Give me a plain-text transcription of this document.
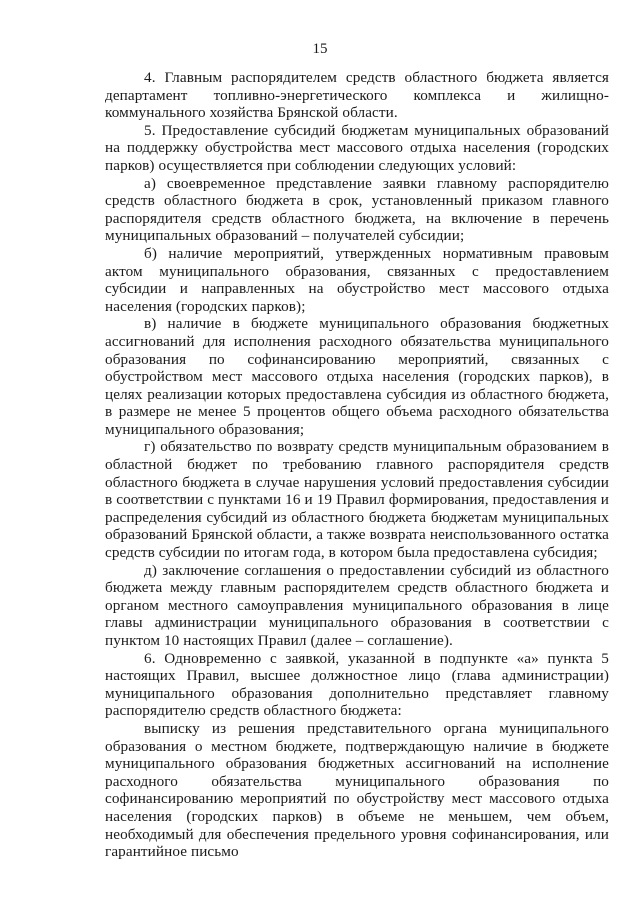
15

4. Главным распорядителем средств областного бюджета является департамент топливно-энергетического комплекса и жилищно-коммунального хозяйства Брянской области.

5. Предоставление субсидий бюджетам муниципальных образований на поддержку обустройства мест массового отдыха населения (городских парков) осуществляется при соблюдении следующих условий:

а) своевременное представление заявки главному распорядителю средств областного бюджета в срок, установленный приказом главного распорядителя средств областного бюджета, на включение в перечень муниципальных образований – получателей субсидии;

б) наличие мероприятий, утвержденных нормативным правовым актом муниципального образования, связанных с предоставлением субсидии и направленных на обустройство мест массового отдыха населения (городских парков);

в) наличие в бюджете муниципального образования бюджетных ассигнований для исполнения расходного обязательства муниципального образования по софинансированию мероприятий, связанных с обустройством мест массового отдыха населения (городских парков), в целях реализации которых предоставлена субсидия из областного бюджета, в размере не менее 5 процентов общего объема расходного обязательства муниципального образования;

г) обязательство по возврату средств муниципальным образованием в областной бюджет по требованию главного распорядителя средств областного бюджета в случае нарушения условий предоставления субсидии в соответствии с пунктами 16 и 19 Правил формирования, предоставления и распределения субсидий из областного бюджета бюджетам муниципальных образований Брянской области, а также возврата неиспользованного остатка средств субсидии по итогам года, в котором была предоставлена субсидия;

д) заключение соглашения о предоставлении субсидий из областного бюджета между главным распорядителем средств областного бюджета и органом местного самоуправления муниципального образования в лице главы администрации муниципального образования в соответствии с пунктом 10 настоящих Правил (далее – соглашение).

6. Одновременно с заявкой, указанной в подпункте «а» пункта 5 настоящих Правил, высшее должностное лицо (глава администрации) муниципального образования дополнительно представляет главному распорядителю средств областного бюджета:

выписку из решения представительного органа муниципального образования о местном бюджете, подтверждающую наличие в бюджете муниципального образования бюджетных ассигнований на исполнение расходного обязательства муниципального образования по софинансированию мероприятий по обустройству мест массового отдыха населения (городских парков) в объеме не меньшем, чем объем, необходимый для обеспечения предельного уровня софинансирования, или гарантийное письмо
